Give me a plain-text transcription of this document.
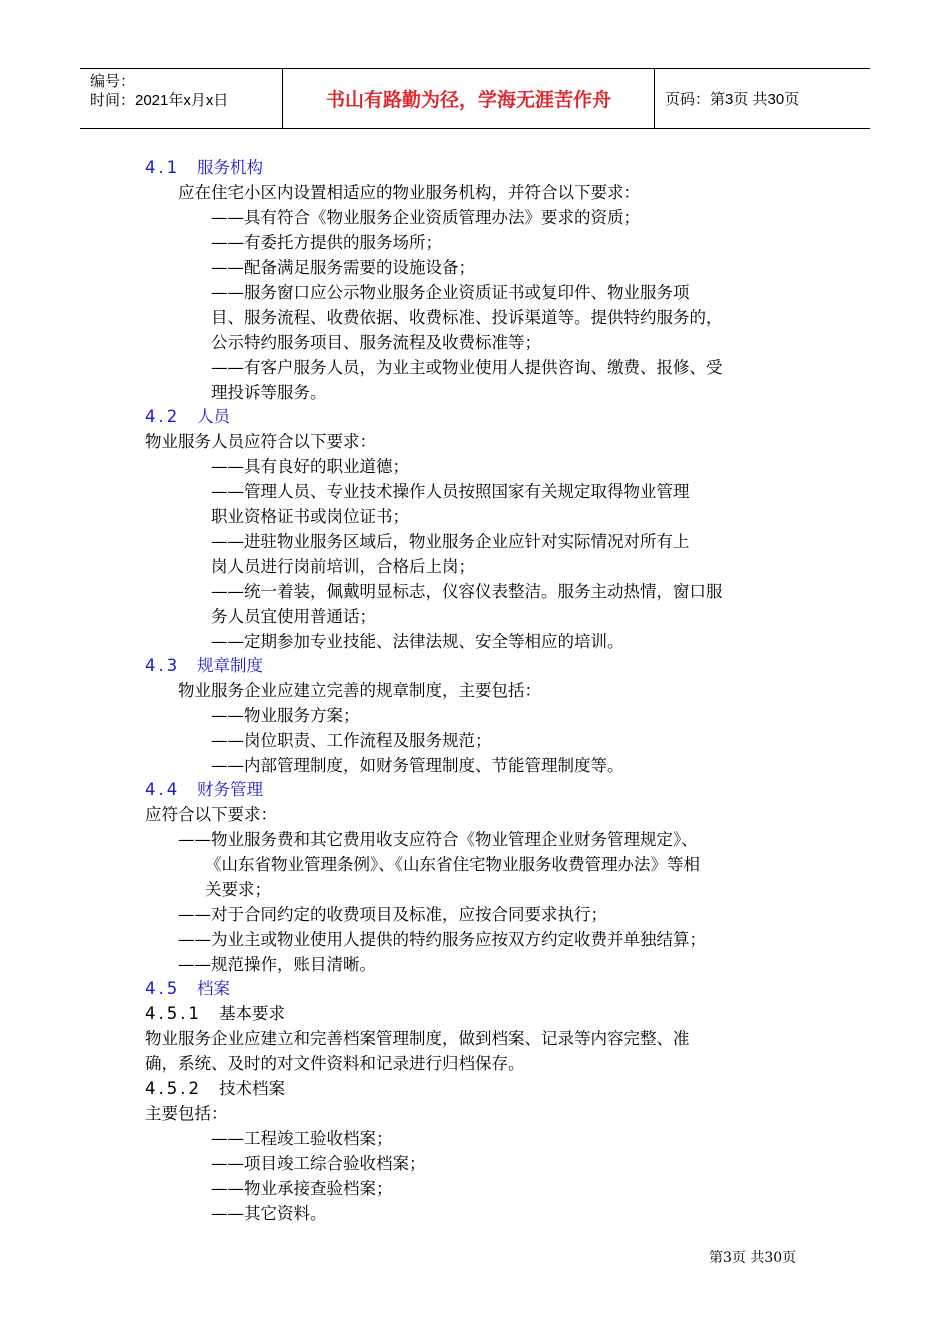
编号：
时间：2021年x月x日	书山有路勤为径，学海无涯苦作舟	页码：第3页 共30页
4.1 服务机构
应在住宅小区内设置相适应的物业服务机构，并符合以下要求：
——具有符合《物业服务企业资质管理办法》要求的资质；
——有委托方提供的服务场所；
——配备满足服务需要的设施设备；
——服务窗口应公示物业服务企业资质证书或复印件、物业服务项
目、服务流程、收费依据、收费标准、投诉渠道等。提供特约服务的，
公示特约服务项目、服务流程及收费标准等；
——有客户服务人员，为业主或物业使用人提供咨询、缴费、报修、受
理投诉等服务。
4.2 人员
物业服务人员应符合以下要求：
——具有良好的职业道德；
——管理人员、专业技术操作人员按照国家有关规定取得物业管理
职业资格证书或岗位证书；
——进驻物业服务区域后，物业服务企业应针对实际情况对所有上
岗人员进行岗前培训，合格后上岗；
——统一着装，佩戴明显标志，仪容仪表整洁。服务主动热情，窗口服
务人员宜使用普通话；
——定期参加专业技能、法律法规、安全等相应的培训。
4.3 规章制度
物业服务企业应建立完善的规章制度，主要包括：
——物业服务方案；
——岗位职责、工作流程及服务规范；
——内部管理制度，如财务管理制度、节能管理制度等。
4.4 财务管理
应符合以下要求：
——物业服务费和其它费用收支应符合《物业管理企业财务管理规定》、
《山东省物业管理条例》、《山东省住宅物业服务收费管理办法》等相
关要求；
——对于合同约定的收费项目及标准，应按合同要求执行；
——为业主或物业使用人提供的特约服务应按双方约定收费并单独结算；
——规范操作，账目清晰。
4.5 档案
4.5.1 基本要求
物业服务企业应建立和完善档案管理制度，做到档案、记录等内容完整、准
确，系统、及时的对文件资料和记录进行归档保存。
4.5.2 技术档案
主要包括：
——工程竣工验收档案；
——项目竣工综合验收档案；
——物业承接查验档案；
——其它资料。
第3页 共30页
